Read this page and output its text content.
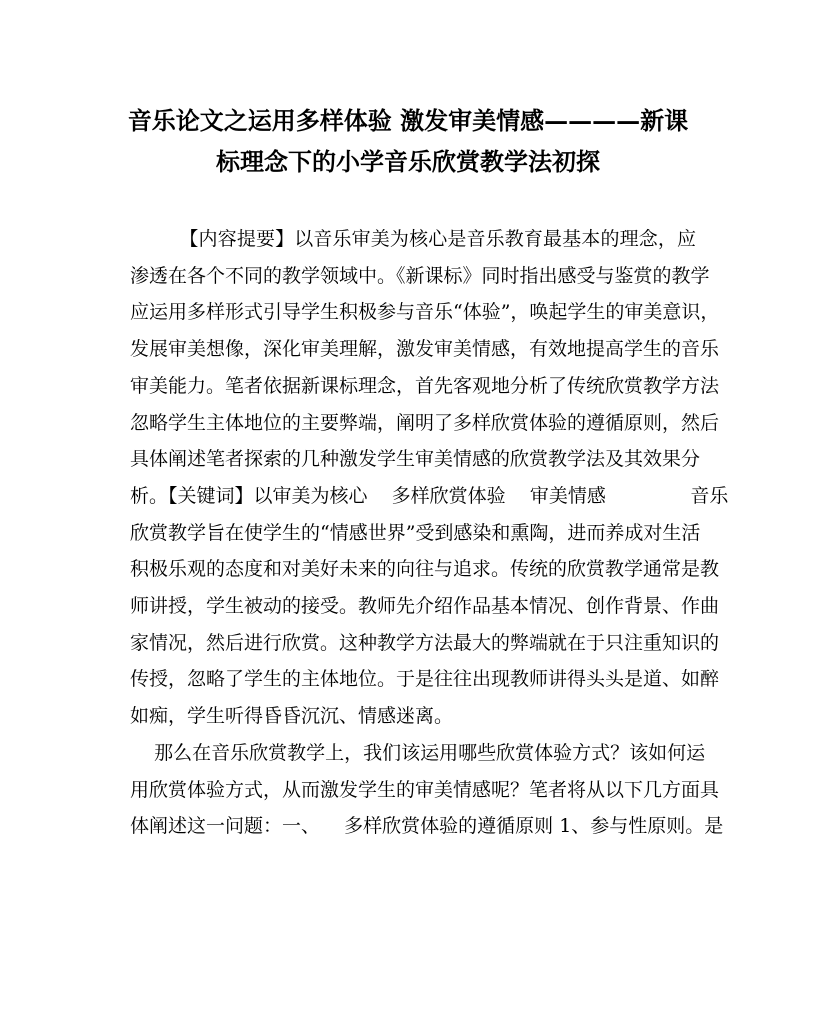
音乐论文之运用多样体验 激发审美情感————新课
标理念下的小学音乐欣赏教学法初探

【内容提要】以音乐审美为核心是音乐教育最基本的理念，应
渗透在各个不同的教学领域中。《新课标》同时指出感受与鉴赏的教学
应运用多样形式引导学生积极参与音乐“体验”，唤起学生的审美意识，
发展审美想像，深化审美理解，激发审美情感，有效地提高学生的音乐
审美能力。笔者依据新课标理念，首先客观地分析了传统欣赏教学方法
忽略学生主体地位的主要弊端，阐明了多样欣赏体验的遵循原则，然后
具体阐述笔者探索的几种激发学生审美情感的欣赏教学法及其效果分
析。【关键词】以审美为核心    多样欣赏体验    审美情感              音乐
欣赏教学旨在使学生的“情感世界”受到感染和熏陶，进而养成对生活
积极乐观的态度和对美好未来的向往与追求。传统的欣赏教学通常是教
师讲授，学生被动的接受。教师先介绍作品基本情况、创作背景、作曲
家情况，然后进行欣赏。这种教学方法最大的弊端就在于只注重知识的
传授，忽略了学生的主体地位。于是往往出现教师讲得头头是道、如醉
如痴，学生听得昏昏沉沉、情感迷离。

那么在音乐欣赏教学上，我们该运用哪些欣赏体验方式？该如何运
用欣赏体验方式，从而激发学生的审美情感呢？笔者将从以下几方面具
体阐述这一问题：一、    多样欣赏体验的遵循原则 1、参与性原则。是
